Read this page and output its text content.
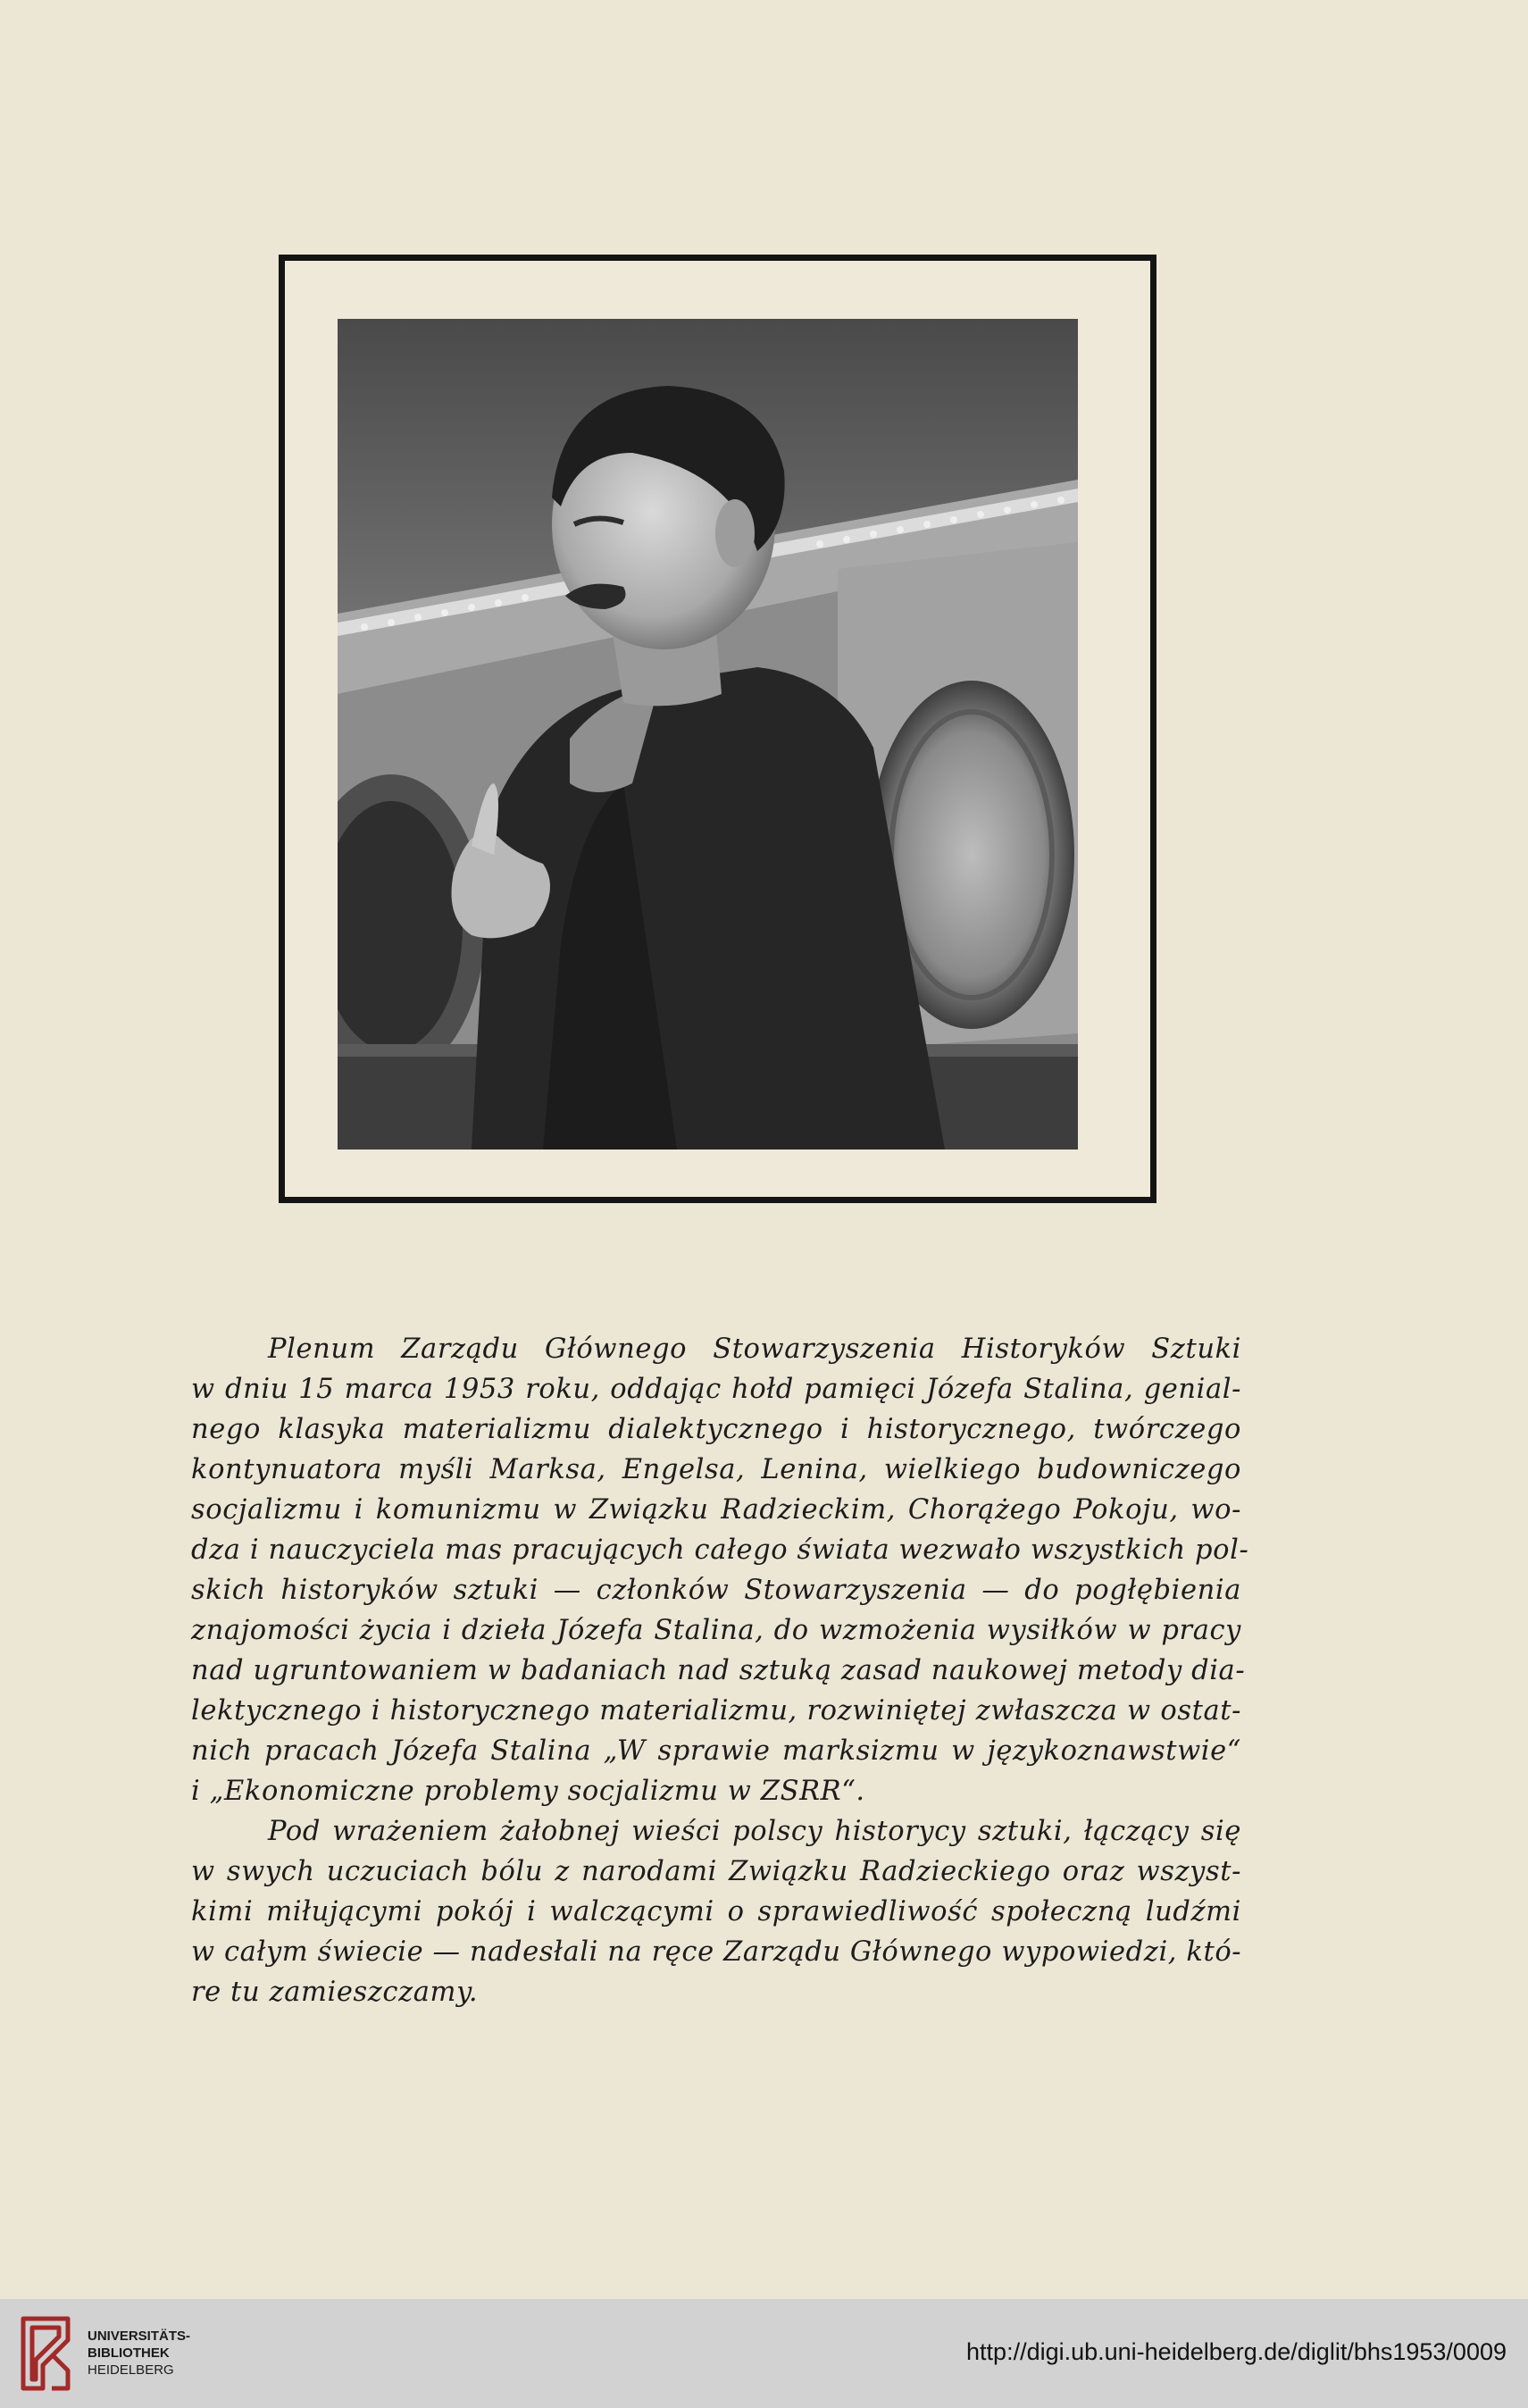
Plenum Zarządu Głównego Stowarzyszenia Historyków Sztuki
w dniu 15 marca 1953 roku, oddając hołd pamięci Józefa Stalina, genial-
nego klasyka materializmu dialektycznego i historycznego, twórczego
kontynuatora myśli Marksa, Engelsa, Lenina, wielkiego budowniczego
socjalizmu i komunizmu w Związku Radzieckim, Chorążego Pokoju, wo-
dza i nauczyciela mas pracujących całego świata wezwało wszystkich pol-
skich historyków sztuki — członków Stowarzyszenia — do pogłębienia
znajomości życia i dzieła Józefa Stalina, do wzmożenia wysiłków w pracy
nad ugruntowaniem w badaniach nad sztuką zasad naukowej metody dia-
lektycznego i historycznego materializmu, rozwiniętej zwłaszcza w ostat-
nich pracach Józefa Stalina „W sprawie marksizmu w językoznawstwie“
i „Ekonomiczne problemy socjalizmu w ZSRR“.
Pod wrażeniem żałobnej wieści polscy historycy sztuki, łączący się
w swych uczuciach bólu z narodami Związku Radzieckiego oraz wszyst-
kimi miłującymi pokój i walczącymi o sprawiedliwość społeczną ludźmi
w całym świecie — nadesłali na ręce Zarządu Głównego wypowiedzi, któ-
re tu zamieszczamy.
UNIVERSITÄTS-
BIBLIOTHEK
HEIDELBERG
http://digi.ub.uni-heidelberg.de/diglit/bhs1953/0009
